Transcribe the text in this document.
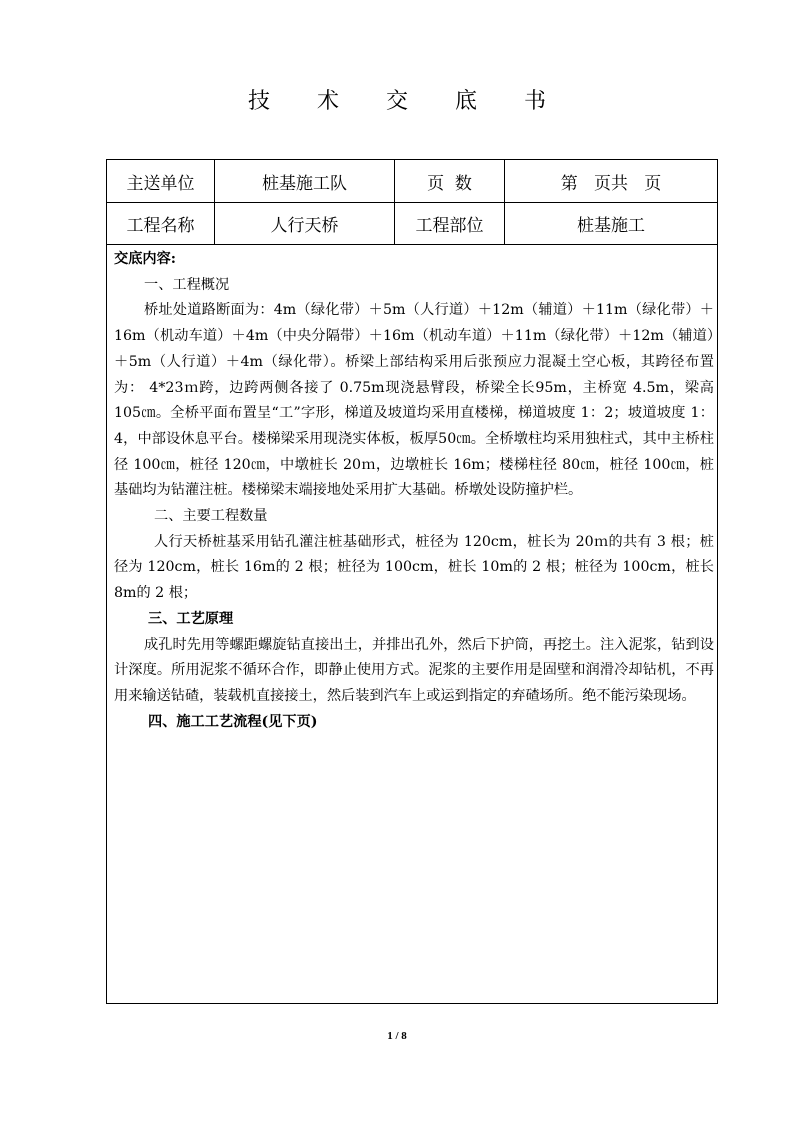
技 术 交 底 书
主送单位	桩基施工队	页  数	第   页共   页
工程名称	人行天桥	工程部位	桩基施工

交底内容:

一、工程概况

桥址处道路断面为：4m（绿化带）＋5m（人行道）＋12m（辅道）＋11m（绿化带）＋16m（机动车道）＋4m（中央分隔带）＋16m（机动车道）＋11m（绿化带）＋12m（辅道）＋5m（人行道）＋4m（绿化带）。桥梁上部结构采用后张预应力混凝土空心板，其跨径布置为： 4*23ｍ跨，边跨两侧各接了 0.75m现浇悬臂段，桥梁全长95m，主桥宽 4.5m，梁高 105㎝。全桥平面布置呈“工”字形，梯道及坡道均采用直楼梯，梯道坡度 1：2；坡道坡度 1：4，中部设休息平台。楼梯梁采用现浇实体板，板厚50㎝。全桥墩柱均采用独柱式，其中主桥柱径 100㎝，桩径 120㎝，中墩桩长 20ｍ，边墩桩长 16m；楼梯柱径 80㎝，桩径 100㎝，桩基础均为钻灌注桩。楼梯梁末端接地处采用扩大基础。桥墩处设防撞护栏。

二、主要工程数量

人行天桥桩基采用钻孔灌注桩基础形式，桩径为 120cm，桩长为 20ｍ的共有 3 根；桩径为 120cm，桩长 16m的 2 根；桩径为 100cm，桩长 10m的 2 根；桩径为 100cm，桩长 8m的 2 根；

三、工艺原理

成孔时先用等螺距螺旋钻直接出土，并排出孔外，然后下护筒，再挖土。注入泥浆，钻到设计深度。所用泥浆不循环合作，即静止使用方式。泥浆的主要作用是固壁和润滑冷却钻机，不再用来输送钻碴，装载机直接接土，然后装到汽车上或运到指定的弃碴场所。绝不能污染现场。

四、施工工艺流程(见下页)

1 / 8
